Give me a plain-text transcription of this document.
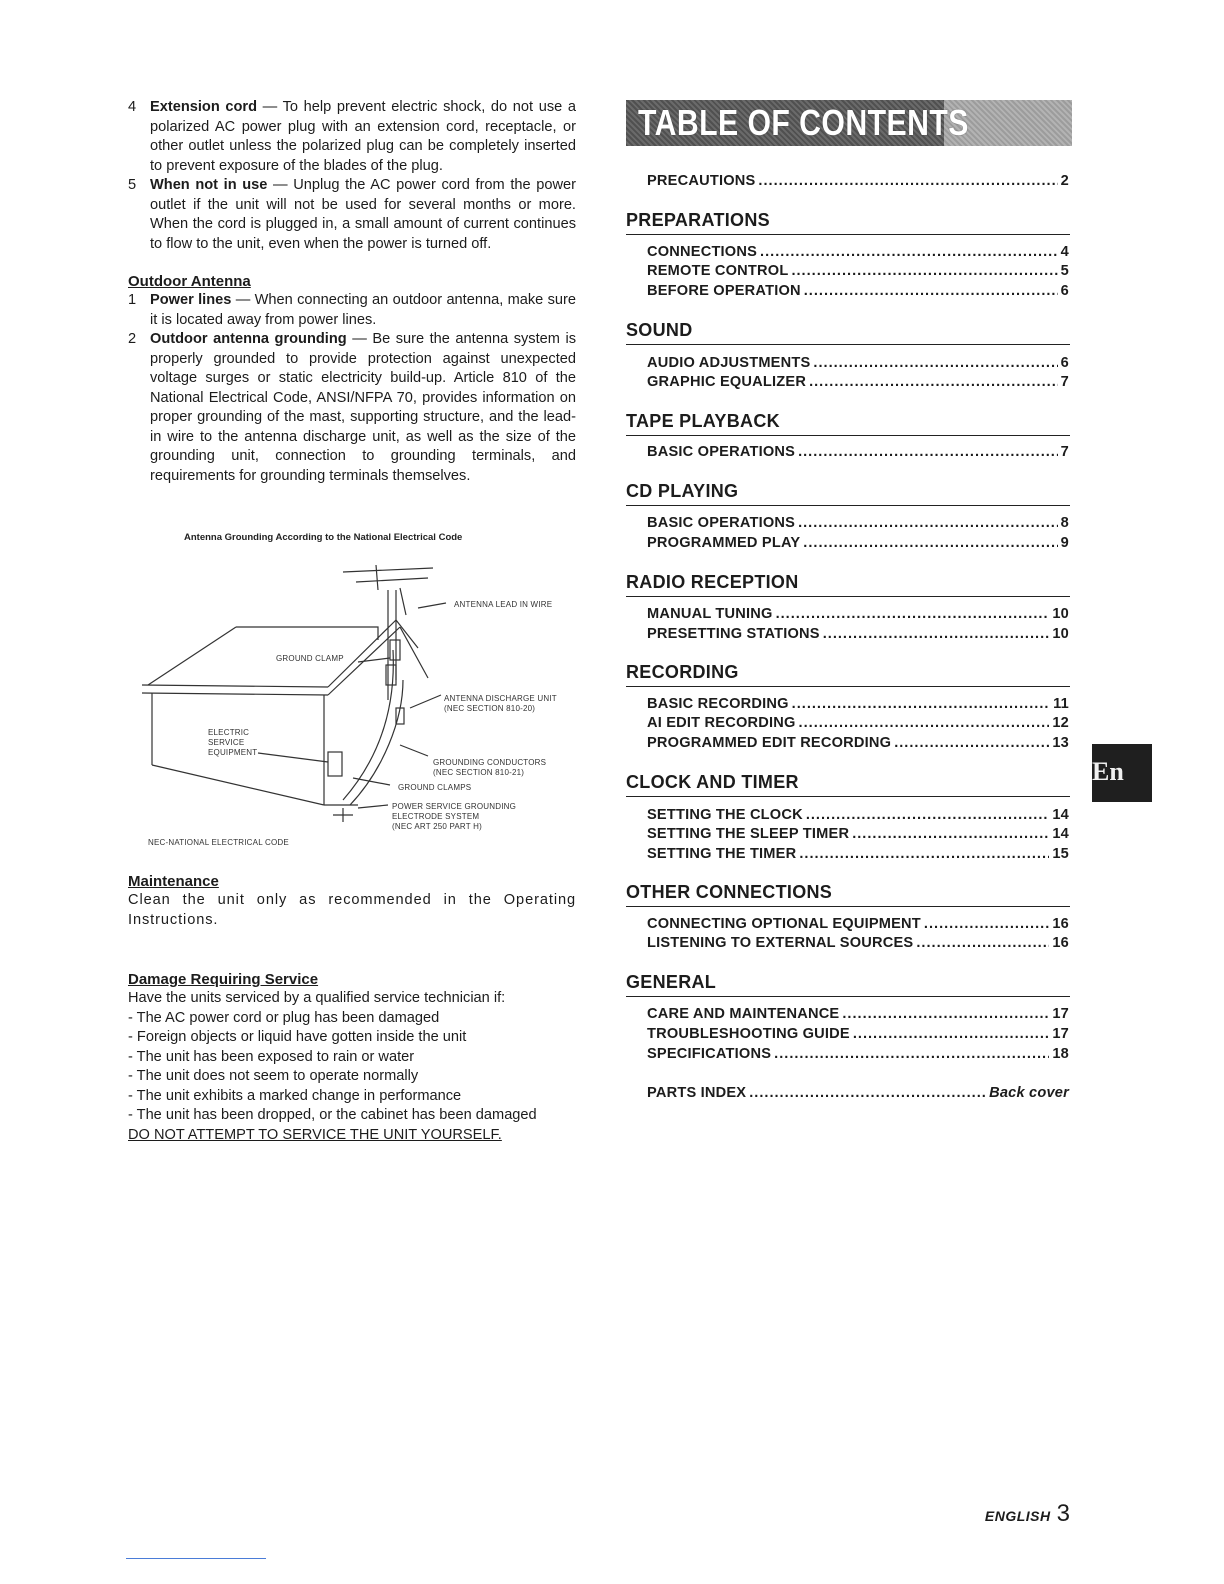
4 Extension cord — To help prevent electric shock, do not use a polarized AC power plug with an extension cord, receptacle, or other outlet unless the polarized plug can be completely inserted to prevent exposure of the blades of the plug.

5 When not in use — Unplug the AC power cord from the power outlet if the unit will not be used for several months or more. When the cord is plugged in, a small amount of current continues to flow to the unit, even when the power is turned off.

Outdoor Antenna

1 Power lines — When connecting an outdoor antenna, make sure it is located away from power lines.

2 Outdoor antenna grounding — Be sure the antenna system is properly grounded to provide protection against unexpected voltage surges or static electricity build-up. Article 810 of the National Electrical Code, ANSI/NFPA 70, provides information on proper grounding of the mast, supporting structure, and the lead-in wire to the antenna discharge unit, as well as the size of the grounding unit, connection to grounding terminals, and requirements for grounding terminals themselves.

Antenna Grounding According to the National Electrical Code
ANTENNA LEAD IN WIRE
GROUND CLAMP
ANTENNA DISCHARGE UNIT
(NEC SECTION 810-20)
ELECTRIC
SERVICE
EQUIPMENT
GROUNDING CONDUCTORS
(NEC SECTION 810-21)
GROUND CLAMPS
POWER SERVICE GROUNDING
ELECTRODE SYSTEM
(NEC ART 250 PART H)
NEC-NATIONAL ELECTRICAL CODE

Maintenance

Clean the unit only as recommended in the Operating Instructions.

Damage Requiring Service

Have the units serviced by a qualified service technician if:

- The AC power cord or plug has been damaged

- Foreign objects or liquid have gotten inside the unit

- The unit has been exposed to rain or water

- The unit does not seem to operate normally

- The unit exhibits a marked change in performance

- The unit has been dropped, or the cabinet has been damaged

DO NOT ATTEMPT TO SERVICE THE UNIT YOURSELF.

TABLE OF CONTENTS
PRECAUTIONS .....	2
PREPARATIONS
CONNECTIONS .....	4
REMOTE CONTROL .....	5
BEFORE OPERATION .....	6
SOUND
AUDIO ADJUSTMENTS .....	6
GRAPHIC EQUALIZER .....	7
TAPE PLAYBACK
BASIC OPERATIONS .....	7
CD PLAYING
BASIC OPERATIONS .....	8
PROGRAMMED PLAY .....	9
RADIO RECEPTION
MANUAL TUNING .....	10
PRESETTING STATIONS .....	10
RECORDING
BASIC RECORDING .....	11
AI EDIT RECORDING .....	12
PROGRAMMED EDIT RECORDING .....	13
CLOCK AND TIMER
SETTING THE CLOCK .....	14
SETTING THE SLEEP TIMER .....	14
SETTING THE TIMER .....	15
OTHER CONNECTIONS
CONNECTING OPTIONAL EQUIPMENT .....	16
LISTENING TO EXTERNAL SOURCES .....	16
GENERAL
CARE AND MAINTENANCE .....	17
TROUBLESHOOTING GUIDE .....	17
SPECIFICATIONS .....	18
PARTS INDEX .....	Back cover
En
ENGLISH 3
